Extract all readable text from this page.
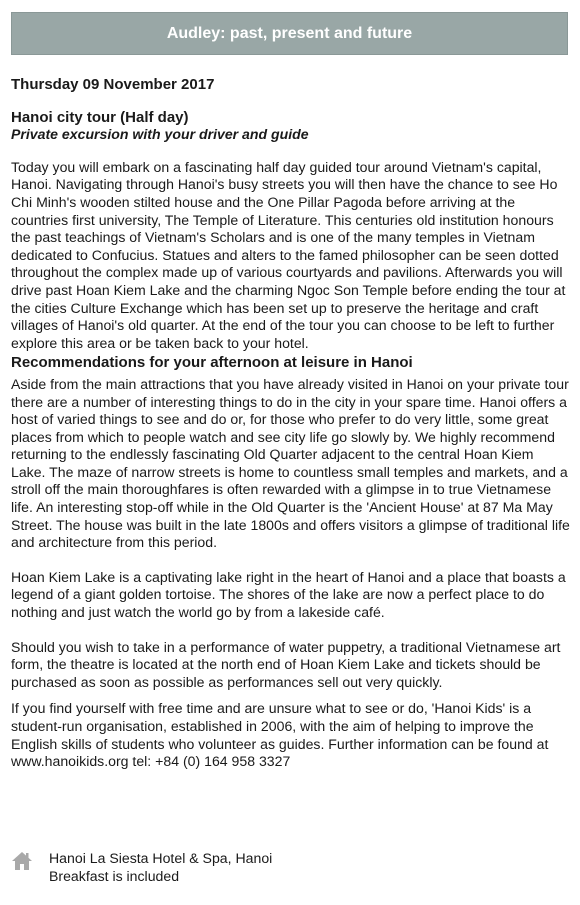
Audley: past, present and future

Thursday 09 November 2017

Hanoi city tour (Half day)

Private excursion with your driver and guide

Today you will embark on a fascinating half day guided tour around Vietnam's capital, Hanoi. Navigating through Hanoi's busy streets you will then have the chance to see Ho Chi Minh's wooden stilted house and the One Pillar Pagoda before arriving at the countries first university, The Temple of Literature. This centuries old institution honours the past teachings of Vietnam's Scholars and is one of the many temples in Vietnam dedicated to Confucius. Statues and alters to the famed philosopher can be seen dotted throughout the complex made up of various courtyards and pavilions. Afterwards you will drive past Hoan Kiem Lake and the charming Ngoc Son Temple before ending the tour at the cities Culture Exchange which has been set up to preserve the heritage and craft villages of Hanoi's old quarter. At the end of the tour you can choose to be left to further explore this area or be taken back to your hotel.

Recommendations for your afternoon at leisure in Hanoi

Aside from the main attractions that you have already visited in Hanoi on your private tour there are a number of interesting things to do in the city in your spare time. Hanoi offers a host of varied things to see and do or, for those who prefer to do very little, some great places from which to people watch and see city life go slowly by. We highly recommend returning to the endlessly fascinating Old Quarter adjacent to the central Hoan Kiem Lake. The maze of narrow streets is home to countless small temples and markets, and a stroll off the main thoroughfares is often rewarded with a glimpse in to true Vietnamese life. An interesting stop-off while in the Old Quarter is the 'Ancient House' at 87 Ma May Street. The house was built in the late 1800s and offers visitors a glimpse of traditional life and architecture from this period.

Hoan Kiem Lake is a captivating lake right in the heart of Hanoi and a place that boasts a legend of a giant golden tortoise. The shores of the lake are now a perfect place to do nothing and just watch the world go by from a lakeside café.

Should you wish to take in a performance of water puppetry, a traditional Vietnamese art form, the theatre is located at the north end of Hoan Kiem Lake and tickets should be purchased as soon as possible as performances sell out very quickly.

If you find yourself with free time and are unsure what to see or do, 'Hanoi Kids' is a student-run organisation, established in 2006, with the aim of helping to improve the English skills of students who volunteer as guides. Further information can be found at www.hanoikids.org tel: +84 (0) 164 958 3327

Hanoi La Siesta Hotel & Spa, Hanoi
Breakfast is included
